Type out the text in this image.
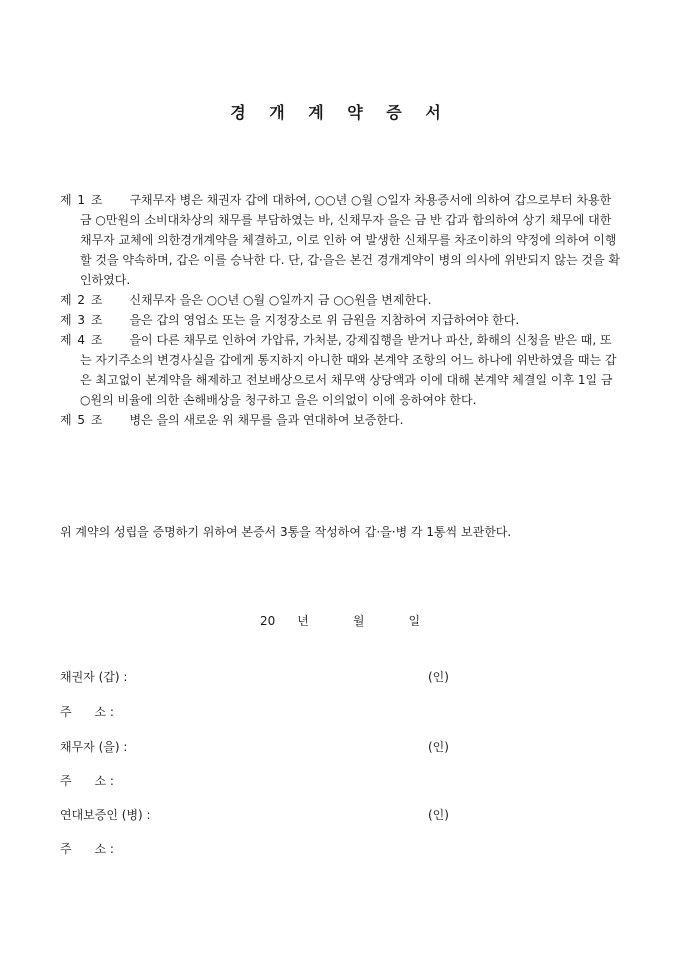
경 개 계 약 증 서
제 1 조 구채무자 병은 채권자 갑에 대하여, ○○년 ○월 ○일자 차용증서에 의하여 갑으로부터 차용한 금 ○만원의 소비대차상의 채무를 부담하였는 바, 신채무자 을은 금 반 갑과 합의하여 상기 채무에 대한 채무자 교체에 의한경개계약을 체결하고, 이로 인하 여 발생한 신채무를 차조이하의 약정에 의하여 이행할 것을 약속하며, 갑은 이를 승낙한 다. 단, 갑·을은 본건 경개계약이 병의 의사에 위반되지 않는 것을 확인하였다.
제 2 조 신채무자 을은 ○○년 ○월 ○일까지 금 ○○원을 변제한다.
제 3 조 을은 갑의 영업소 또는 을 지정장소로 위 금원을 지참하여 지급하여야 한다.
제 4 조 을이 다른 채무로 인하여 가압류, 가처분, 강제집행을 받거나 파산, 화해의 신청을 받은 때, 또는 자기주소의 변경사실을 갑에게 통지하지 아니한 때와 본계약 조항의 어느 하나에 위반하였을 때는 갑은 최고없이 본계약을 해제하고 전보배상으로서 채무액 상당액과 이에 대해 본계약 체결일 이후 1일 금 ○원의 비율에 의한 손해배상을 청구하고 을은 이의없이 이에 응하여야 한다.
제 5 조 병은 을의 새로운 위 채무를 을과 연대하여 보증한다.
위 계약의 성립을 증명하기 위하여 본증서 3통을 작성하여 갑·을·병 각 1통씩 보관한다.
20 년	월	일
채권자 (갑) :	(인)
주      소 :
채무자 (을) :	(인)
주      소 :
연대보증인 (병) :	(인)
주      소 :
